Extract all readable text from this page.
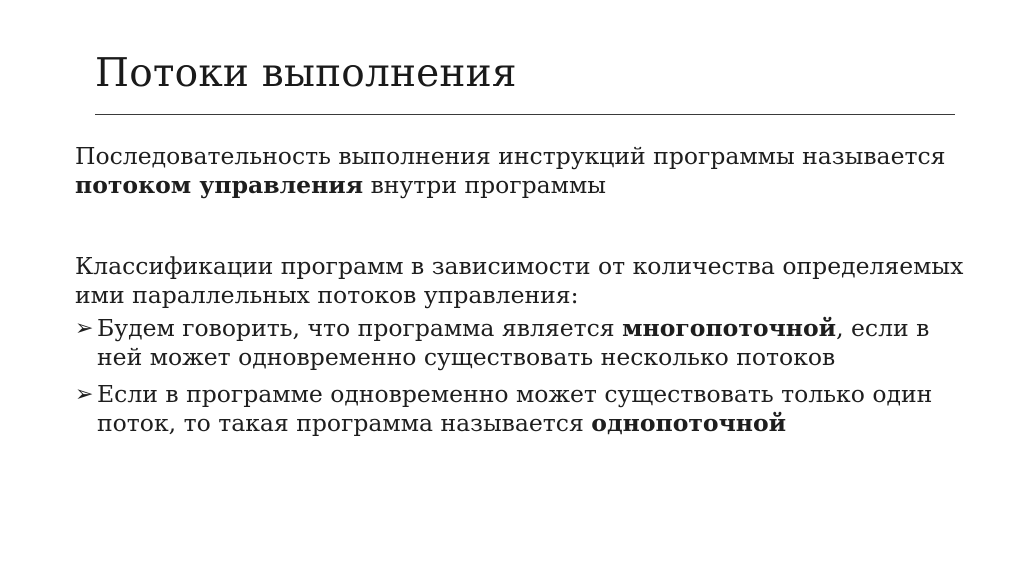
Потоки выполнения

Последовательность выполнения инструкций программы называется потоком управления внутри программы

Классификации программ в зависимости от количества определяемых ими параллельных потоков управления:

➢ Будем говорить, что программа является многопоточной, если в ней может одновременно существовать несколько потоков
➢ Если в программе одновременно может существовать только один поток, то такая программа называется однопоточной
